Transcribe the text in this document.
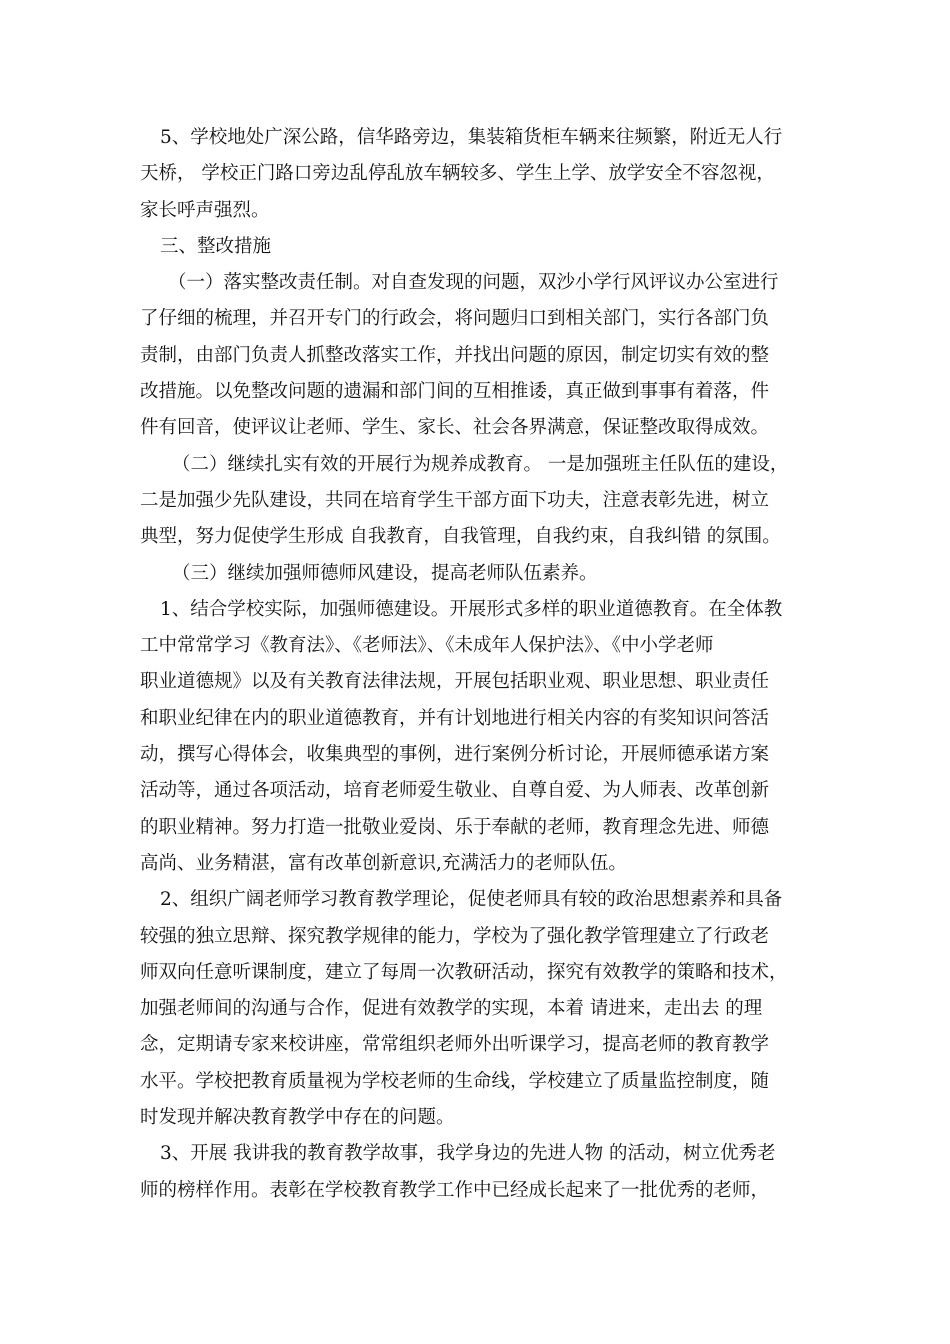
5、学校地处广深公路，信华路旁边，集装箱货柜车辆来往频繁，附近无人行
天桥， 学校正门路口旁边乱停乱放车辆较多、学生上学、放学安全不容忽视，
家长呼声强烈。
三、整改措施
（一）落实整改责任制。对自查发现的问题，双沙小学行风评议办公室进行
了仔细的梳理，并召开专门的行政会，将问题归口到相关部门，实行各部门负
责制，由部门负责人抓整改落实工作，并找出问题的原因，制定切实有效的整
改措施。以免整改问题的遗漏和部门间的互相推诿，真正做到事事有着落，件
件有回音，使评议让老师、学生、家长、社会各界满意，保证整改取得成效。
（二）继续扎实有效的开展行为规养成教育。 一是加强班主任队伍的建设，
二是加强少先队建设，共同在培育学生干部方面下功夫，注意表彰先进，树立
典型，努力促使学生形成 自我教育，自我管理，自我约束，自我纠错 的氛围。
（三）继续加强师德师风建设，提高老师队伍素养。
1、结合学校实际，加强师德建设。开展形式多样的职业道德教育。在全体教
工中常常学习《教育法》、《老师法》、《未成年人保护法》、《中小学老师
职业道德规》以及有关教育法律法规，开展包括职业观、职业思想、职业责任
和职业纪律在内的职业道德教育，并有计划地进行相关内容的有奖知识问答活
动，撰写心得体会，收集典型的事例，进行案例分析讨论，开展师德承诺方案
活动等，通过各项活动，培育老师爱生敬业、自尊自爱、为人师表、改革创新
的职业精神。努力打造一批敬业爱岗、乐于奉献的老师，教育理念先进、师德
高尚、业务精湛，富有改革创新意识,充满活力的老师队伍。
2、组织广阔老师学习教育教学理论，促使老师具有较的政治思想素养和具备
较强的独立思辩、探究教学规律的能力，学校为了强化教学管理建立了行政老
师双向任意听课制度，建立了每周一次教研活动，探究有效教学的策略和技术，
加强老师间的沟通与合作，促进有效教学的实现，本着 请进来，走出去 的理
念，定期请专家来校讲座，常常组织老师外出听课学习，提高老师的教育教学
水平。学校把教育质量视为学校老师的生命线，学校建立了质量监控制度，随
时发现并解决教育教学中存在的问题。
3、开展 我讲我的教育教学故事，我学身边的先进人物 的活动，树立优秀老
师的榜样作用。表彰在学校教育教学工作中已经成长起来了一批优秀的老师，
